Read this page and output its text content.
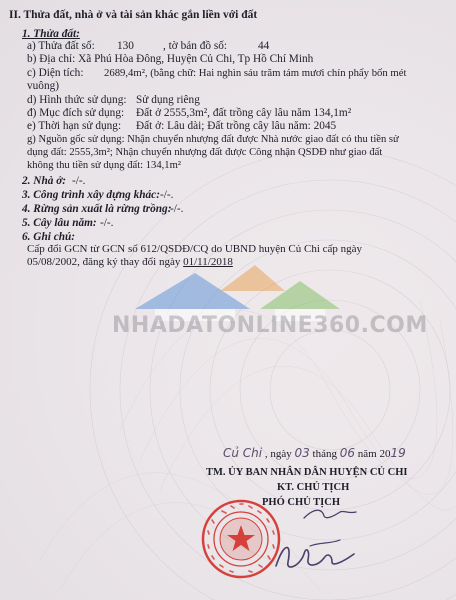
NHADATONLINE360.COM
II. Thửa đất, nhà ở và tài sản khác gắn liền với đất
1. Thửa đất:
a) Thửa đất số: 130	, tờ bản đồ số:	44
b) Địa chỉ: Xã Phú Hòa Đông, Huyện Củ Chi, Tp Hồ Chí Minh
c) Diện tích: 2689,4m², (bằng chữ: Hai nghìn sáu trăm tám mươi chín phẩy bốn mét
vuông)
d) Hình thức sử dụng: Sử dụng riêng
đ) Mục đích sử dụng: Đất ở 2555,3m², đất trồng cây lâu năm 134,1m²
e) Thời hạn sử dụng: Đất ở: Lâu dài; Đất trồng cây lâu năm: 2045
g) Nguồn gốc sử dụng: Nhận chuyển nhượng đất được Nhà nước giao đất có thu tiền sử
dụng đất: 2555,3m²; Nhận chuyển nhượng đất được Công nhận QSDĐ như giao đất
không thu tiền sử dụng đất: 134,1m²
2. Nhà ở: -/-.
3. Công trình xây dựng khác: -/-.
4. Rừng sản xuất là rừng trồng:
-/-.
5. Cây lâu năm: -/-.
6. Ghi chú:
Cấp đổi GCN từ GCN số 612/QSDĐ/CQ do UBND huyện Củ Chi cấp ngày
05/08/2002, đăng ký thay đổi ngày 01/11/2018
Củ Chi , ngày 03 tháng 06 năm 2019
TM. ỦY BAN NHÂN DÂN HUYỆN CỦ CHI
KT. CHỦ TỊCH
PHÓ CHỦ TỊCH
